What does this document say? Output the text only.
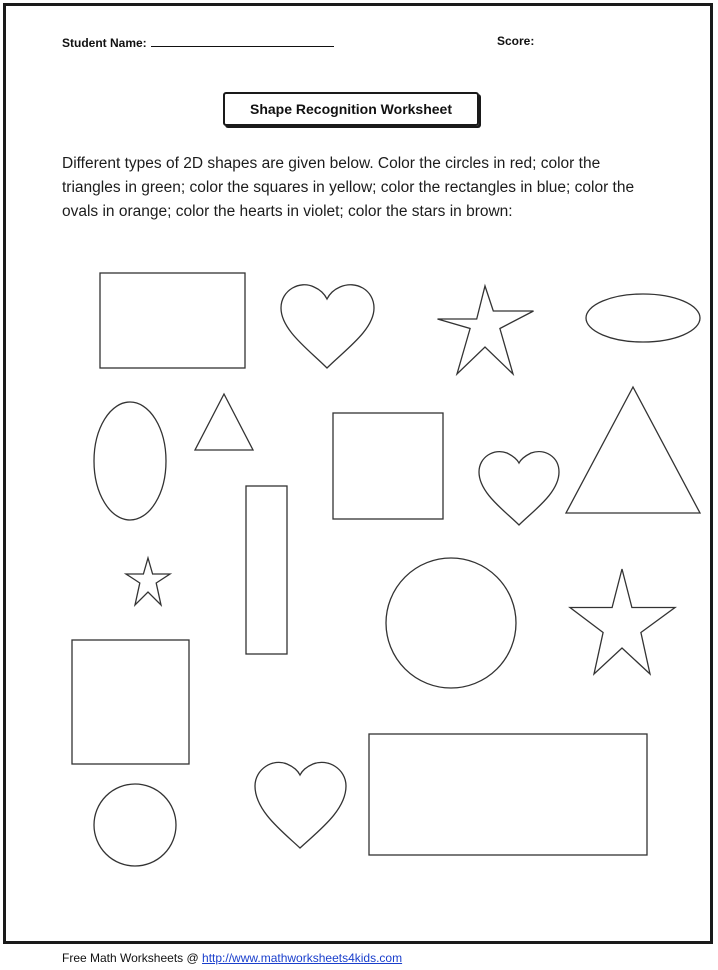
Student Name:	Score:
Shape Recognition Worksheet
Different types of 2D shapes are given below. Color the circles in red; color the triangles in green; color the squares in yellow; color the rectangles in blue; color the ovals in orange; color the hearts in violet; color the stars in brown:
Free Math Worksheets @ http://www.mathworksheets4kids.com
